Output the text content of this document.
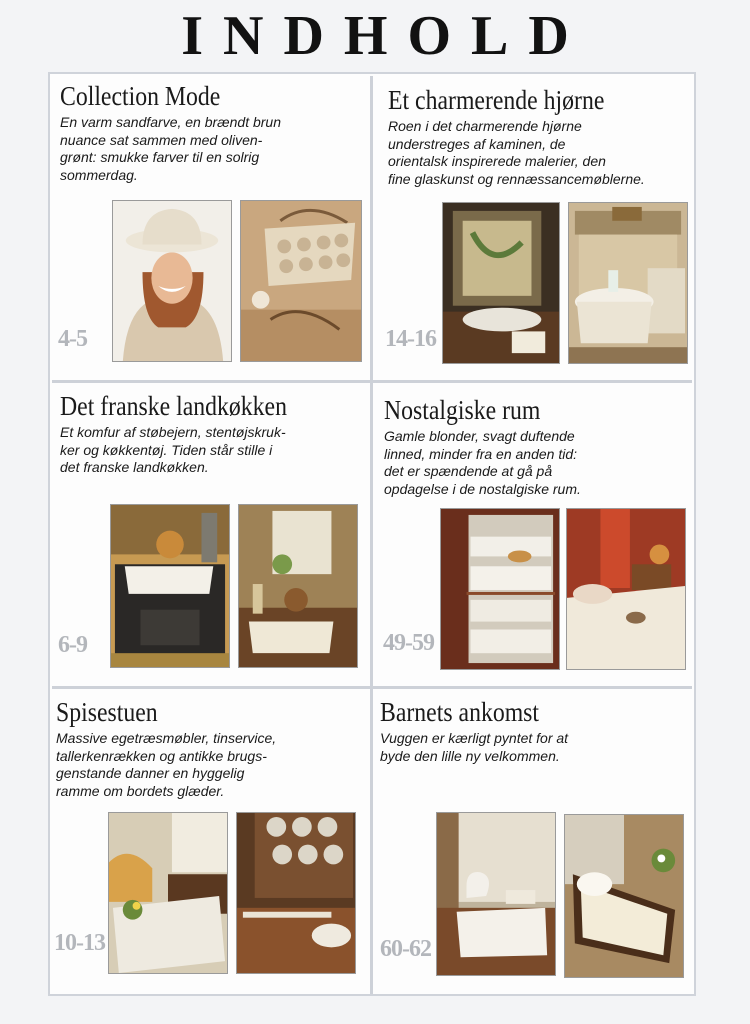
INDHOLD
Collection Mode
En varm sandfarve, en brændt brun
nuance sat sammen med oliven-
grønt: smukke farver til en solrig
sommerdag.
4-5
Et charmerende hjørne
Roen i det charmerende hjørne
understreges af kaminen, de
orientalsk inspirerede malerier, den
fine glaskunst og rennæssancemøblerne.
14-16
Det franske landkøkken
Et komfur af støbejern, stentøjskruk-
ker og køkkentøj. Tiden står stille i
det franske landkøkken.
6-9
Nostalgiske rum
Gamle blonder, svagt duftende
linned, minder fra en anden tid:
det er spændende at gå på
opdagelse i de nostalgiske rum.
49-59
Spisestuen
Massive egetræsmøbler, tinservice,
tallerkenrækken og antikke brugs-
genstande danner en hyggelig
ramme om bordets glæder.
10-13
Barnets ankomst
Vuggen er kærligt pyntet for at
byde den lille ny velkommen.
60-62
